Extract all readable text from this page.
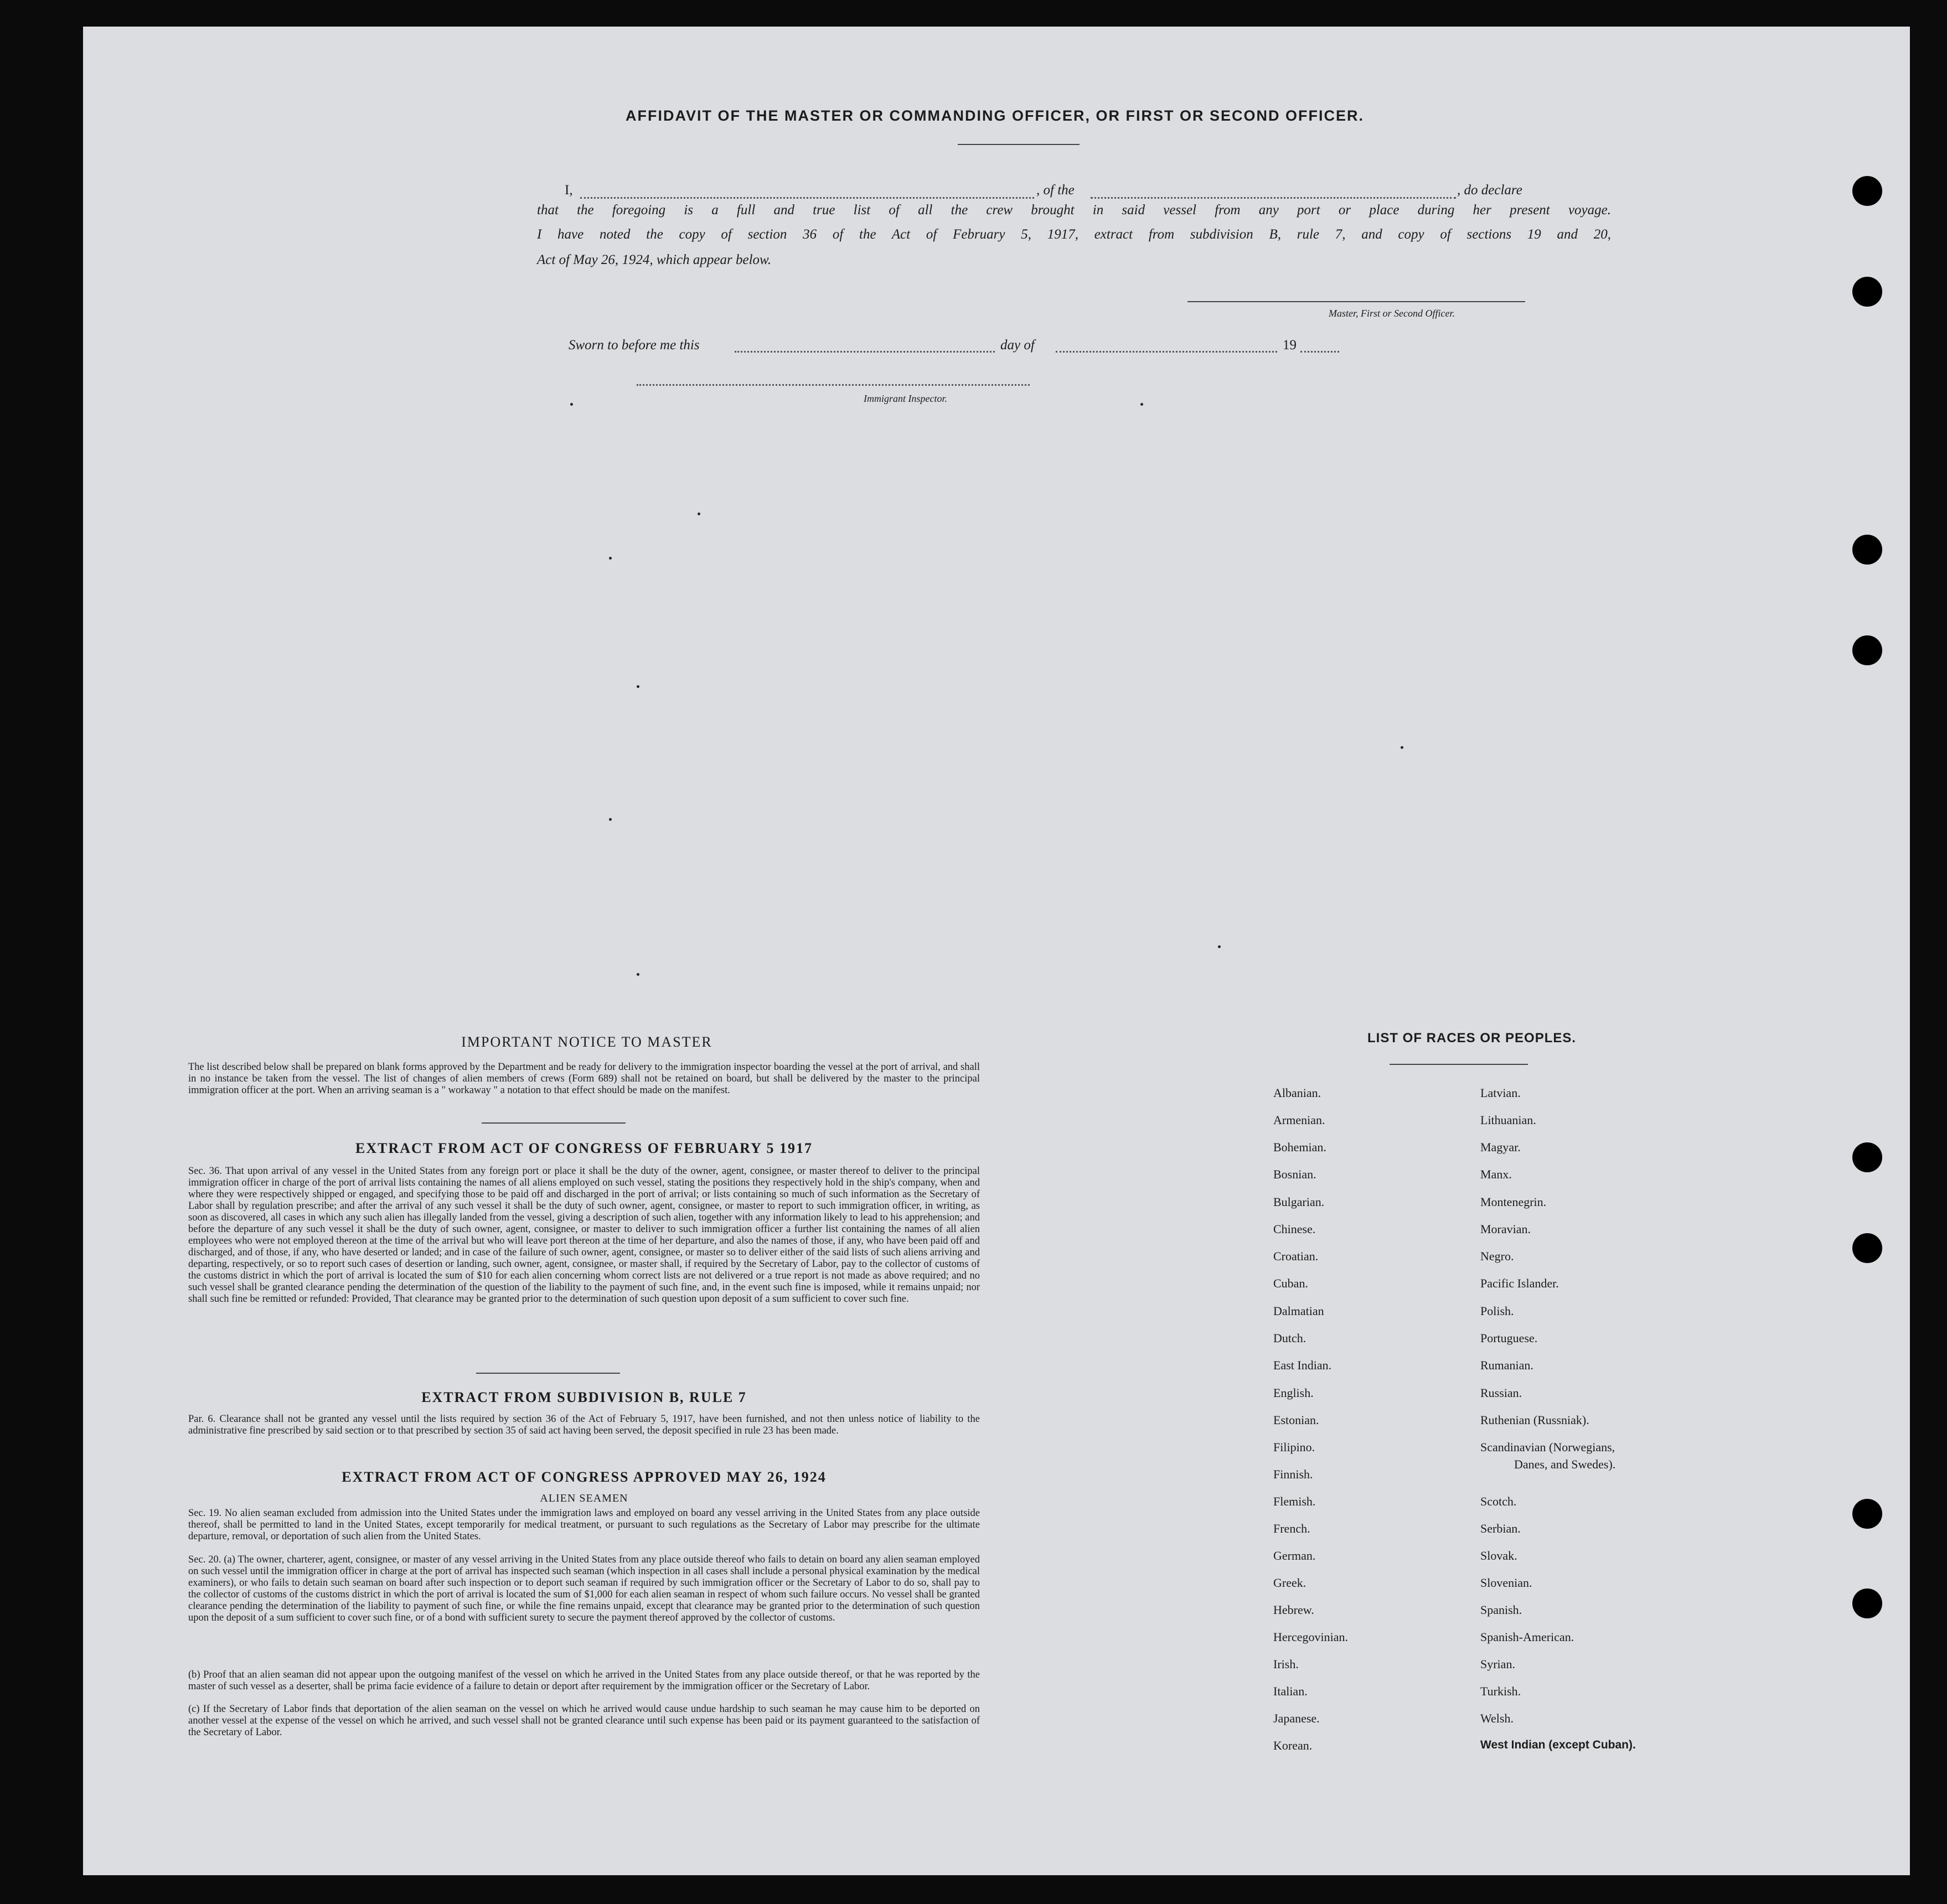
AFFIDAVIT OF THE MASTER OR COMMANDING OFFICER, OR FIRST OR SECOND OFFICER.
I,	, of the	, do declare
that the foregoing is a full and true list of all the crew brought in said vessel from any port or place during her present voyage.
I have noted the copy of section 36 of the Act of February 5, 1917, extract from subdivision B, rule 7, and copy of sections 19 and 20,
Act of May 26, 1924, which appear below.
Master, First or Second Officer.
Sworn to before me this	day of	19
Immigrant Inspector.
IMPORTANT NOTICE TO MASTER
The list described below shall be prepared on blank forms approved by the Department and be ready for delivery to the immigration inspector boarding the vessel at the port of arrival, and shall in no instance be taken from the vessel. The list of changes of alien members of crews (Form 689) shall not be retained on board, but shall be delivered by the master to the principal immigration officer at the port. When an arriving seaman is a " workaway " a notation to that effect should be made on the manifest.
EXTRACT FROM ACT OF CONGRESS OF FEBRUARY 5 1917
Sec. 36. That upon arrival of any vessel in the United States from any foreign port or place it shall be the duty of the owner, agent, consignee, or master thereof to deliver to the principal immigration officer in charge of the port of arrival lists containing the names of all aliens employed on such vessel, stating the positions they respectively hold in the ship's company, when and where they were respectively shipped or engaged, and specifying those to be paid off and discharged in the port of arrival; or lists containing so much of such information as the Secretary of Labor shall by regulation prescribe; and after the arrival of any such vessel it shall be the duty of such owner, agent, consignee, or master to report to such immigration officer, in writing, as soon as discovered, all cases in which any such alien has illegally landed from the vessel, giving a description of such alien, together with any information likely to lead to his apprehension; and before the departure of any such vessel it shall be the duty of such owner, agent, consignee, or master to deliver to such immigration officer a further list containing the names of all alien employees who were not employed thereon at the time of the arrival but who will leave port thereon at the time of her departure, and also the names of those, if any, who have been paid off and discharged, and of those, if any, who have deserted or landed; and in case of the failure of such owner, agent, consignee, or master so to deliver either of the said lists of such aliens arriving and departing, respectively, or so to report such cases of desertion or landing, such owner, agent, consignee, or master shall, if required by the Secretary of Labor, pay to the collector of customs of the customs district in which the port of arrival is located the sum of $10 for each alien concerning whom correct lists are not delivered or a true report is not made as above required; and no such vessel shall be granted clearance pending the determination of the question of the liability to the payment of such fine, and, in the event such fine is imposed, while it remains unpaid; nor shall such fine be remitted or refunded: Provided, That clearance may be granted prior to the determination of such question upon deposit of a sum sufficient to cover such fine.
EXTRACT FROM SUBDIVISION B, RULE 7
Par. 6. Clearance shall not be granted any vessel until the lists required by section 36 of the Act of February 5, 1917, have been furnished, and not then unless notice of liability to the administrative fine prescribed by said section or to that prescribed by section 35 of said act having been served, the deposit specified in rule 23 has been made.
EXTRACT FROM ACT OF CONGRESS APPROVED MAY 26, 1924
ALIEN SEAMEN
Sec. 19. No alien seaman excluded from admission into the United States under the immigration laws and employed on board any vessel arriving in the United States from any place outside thereof, shall be permitted to land in the United States, except temporarily for medical treatment, or pursuant to such regulations as the Secretary of Labor may prescribe for the ultimate departure, removal, or deportation of such alien from the United States.
Sec. 20. (a) The owner, charterer, agent, consignee, or master of any vessel arriving in the United States from any place outside thereof who fails to detain on board any alien seaman employed on such vessel until the immigration officer in charge at the port of arrival has inspected such seaman (which inspection in all cases shall include a personal physical examination by the medical examiners), or who fails to detain such seaman on board after such inspection or to deport such seaman if required by such immigration officer or the Secretary of Labor to do so, shall pay to the collector of customs of the customs district in which the port of arrival is located the sum of $1,000 for each alien seaman in respect of whom such failure occurs. No vessel shall be granted clearance pending the determination of the liability to payment of such fine, or while the fine remains unpaid, except that clearance may be granted prior to the determination of such question upon the deposit of a sum sufficient to cover such fine, or of a bond with sufficient surety to secure the payment thereof approved by the collector of customs.
(b) Proof that an alien seaman did not appear upon the outgoing manifest of the vessel on which he arrived in the United States from any place outside thereof, or that he was reported by the master of such vessel as a deserter, shall be prima facie evidence of a failure to detain or deport after requirement by the immigration officer or the Secretary of Labor.
(c) If the Secretary of Labor finds that deportation of the alien seaman on the vessel on which he arrived would cause undue hardship to such seaman he may cause him to be deported on another vessel at the expense of the vessel on which he arrived, and such vessel shall not be granted clearance until such expense has been paid or its payment guaranteed to the satisfaction of the Secretary of Labor.
LIST OF RACES OR PEOPLES.
Albanian.
Armenian.
Bohemian.
Bosnian.
Bulgarian.
Chinese.
Croatian.
Cuban.
Dalmatian
Dutch.
East Indian.
English.
Estonian.
Filipino.
Finnish.
Flemish.
French.
German.
Greek.
Hebrew.
Hercegovinian.
Irish.
Italian.
Japanese.
Korean.
Latvian.
Lithuanian.
Magyar.
Manx.
Montenegrin.
Moravian.
Negro.
Pacific Islander.
Polish.
Portuguese.
Rumanian.
Russian.
Ruthenian (Russniak).
Scandinavian (Norwegians,
Danes, and Swedes).
Scotch.
Serbian.
Slovak.
Slovenian.
Spanish.
Spanish-American.
Syrian.
Turkish.
Welsh.
West Indian (except Cuban).
